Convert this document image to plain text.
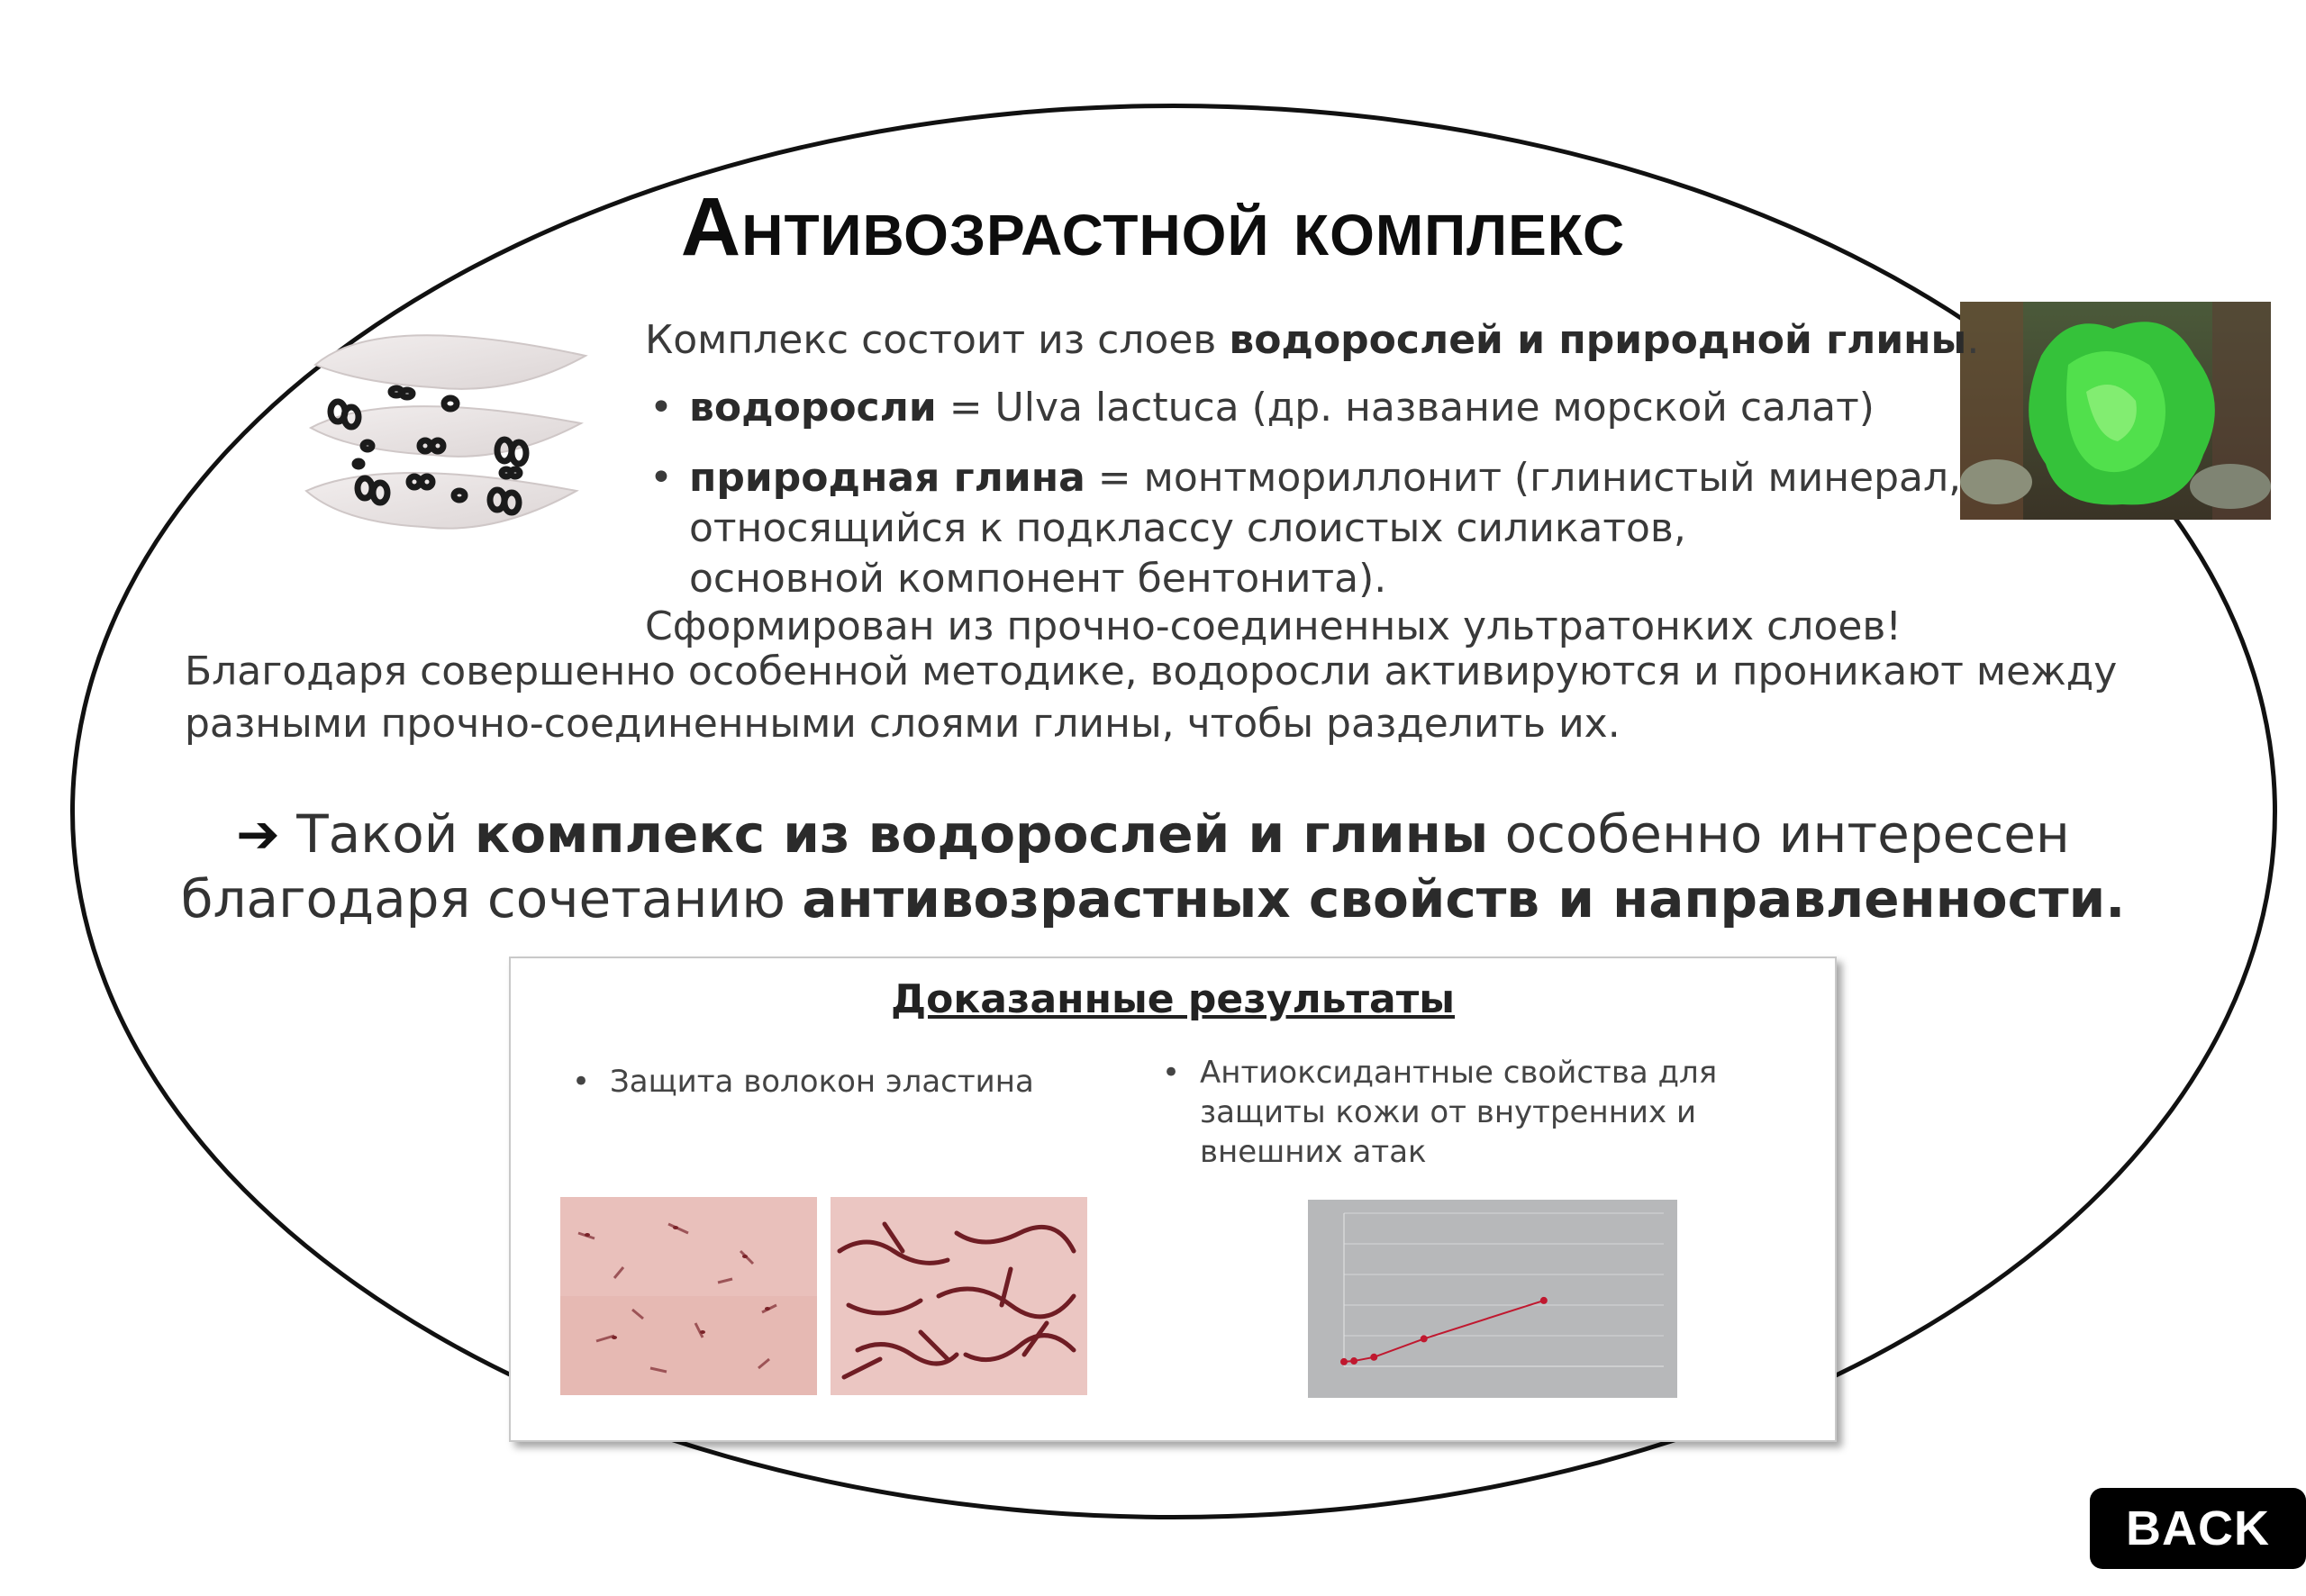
Антивозрастной комплекс
Комплекс состоит из слоев водорослей и природной глины.
• водоросли = Ulva lactuca (др. название морской салат)
• природная глина = монтмориллонит (глинистый минерал,
относящийся к подклассу слоистых силикатов,
основной компонент бентонита).
Сформирован из прочно-соединенных ультратонких слоев!
Благодаря совершенно особенной методике, водоросли активируются и проникают между
разными прочно-соединенными слоями глины, чтобы разделить их.
➔ Такой комплекс из водорослей и глины особенно интересен
благодаря сочетанию антивозрастных свойств и направленности.
Доказанные результаты
• Защита волокон эластина	• Антиоксидантные свойства для
защиты кожи от внутренних и
внешних атак
BACK
